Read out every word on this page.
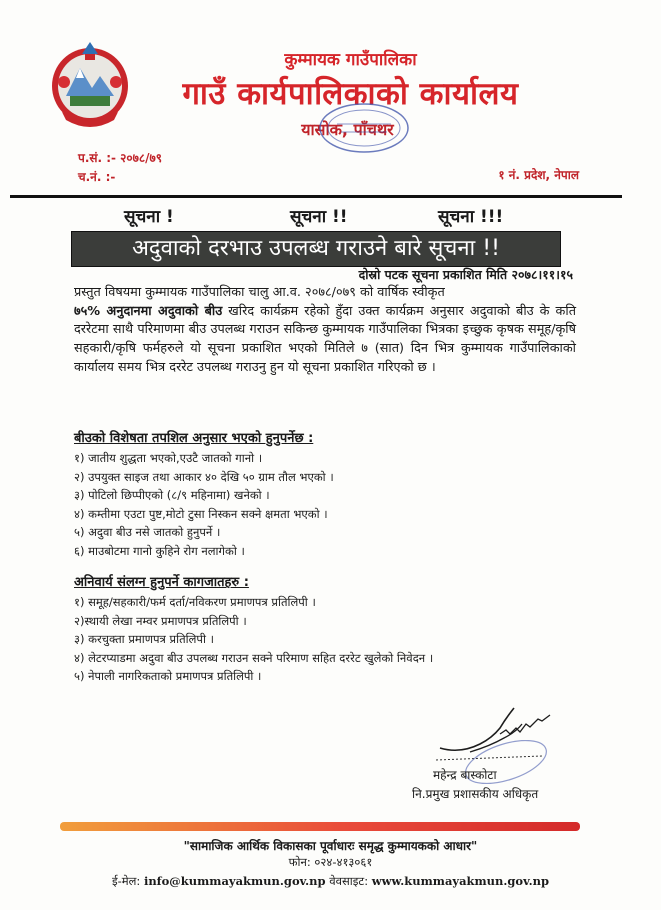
कुम्मायक गाउँपालिका
गाउँ कार्यपालिकाको कार्यालय
यासोक, पाँचथर
प.सं. :- २०७८/७९
च.नं. :-	१ नं. प्रदेश, नेपाल
सूचना !	सूचना !!	सूचना !!!
अदुवाको दरभाउ उपलब्ध गराउने बारे सूचना !!
दोस्रो पटक सूचना प्रकाशित मिति २०७८।११।१५
प्रस्तुत विषयमा कुम्मायक गाउँपालिका चालु आ.व. २०७८/०७९ को वार्षिक स्वीकृत
७५% अनुदानमा अदुवाको बीउ खरिद कार्यक्रम रहेको हुँदा उक्त कार्यक्रम अनुसार अदुवाको बीउ के कति दररेटमा साथै परिमाणमा बीउ उपलब्ध गराउन सकिन्छ कुम्मायक गाउँपालिका भित्रका इच्छुक कृषक समूह/कृषि सहकारी/कृषि फर्महरुले यो सूचना प्रकाशित भएको मितिले ७ (सात) दिन भित्र कुम्मायक गाउँपालिकाको कार्यालय समय भित्र दररेट उपलब्ध गराउनु हुन यो सूचना प्रकाशित गरिएको छ ।
बीउको विशेषता तपशिल अनुसार भएको हुनुपर्नेछ :
१) जातीय शुद्धता भएको,एउटै जातको गानो ।
२) उपयुक्त साइज तथा आकार ४० देखि ५० ग्राम तौल भएको ।
३) पोटिलो छिप्पीएको (८/९ महिनामा) खनेको ।
४) कम्तीमा एउटा पुष्ट,मोटो टुसा निस्कन सक्ने क्षमता भएको ।
५) अदुवा बीउ नसे जातको हुनुपर्ने ।
६) माउबोटमा गानो कुहिने रोग नलागेको ।
अनिवार्य संलग्न हुनुपर्ने कागजातहरु :
१) समूह/सहकारी/फर्म दर्ता/नविकरण प्रमाणपत्र प्रतिलिपी ।
२)स्थायी लेखा नम्वर प्रमाणपत्र प्रतिलिपी ।
३) करचुक्ता प्रमाणपत्र प्रतिलिपी ।
४) लेटरप्याडमा अदुवा बीउ उपलब्ध गराउन सक्ने परिमाण सहित दररेट खुलेको निवेदन ।
५) नेपाली नागरिकताको प्रमाणपत्र प्रतिलिपी ।
महेन्द्र बास्कोटा
नि.प्रमुख प्रशासकीय अधिकृत
"सामाजिक आर्थिक विकासका पूर्वाधारः समृद्ध कुम्मायकको आधार"
फोन: ०२४-४१३०६१
ई-मेल: info@kummayakmun.gov.np वेवसाइट: www.kummayakmun.gov.np
